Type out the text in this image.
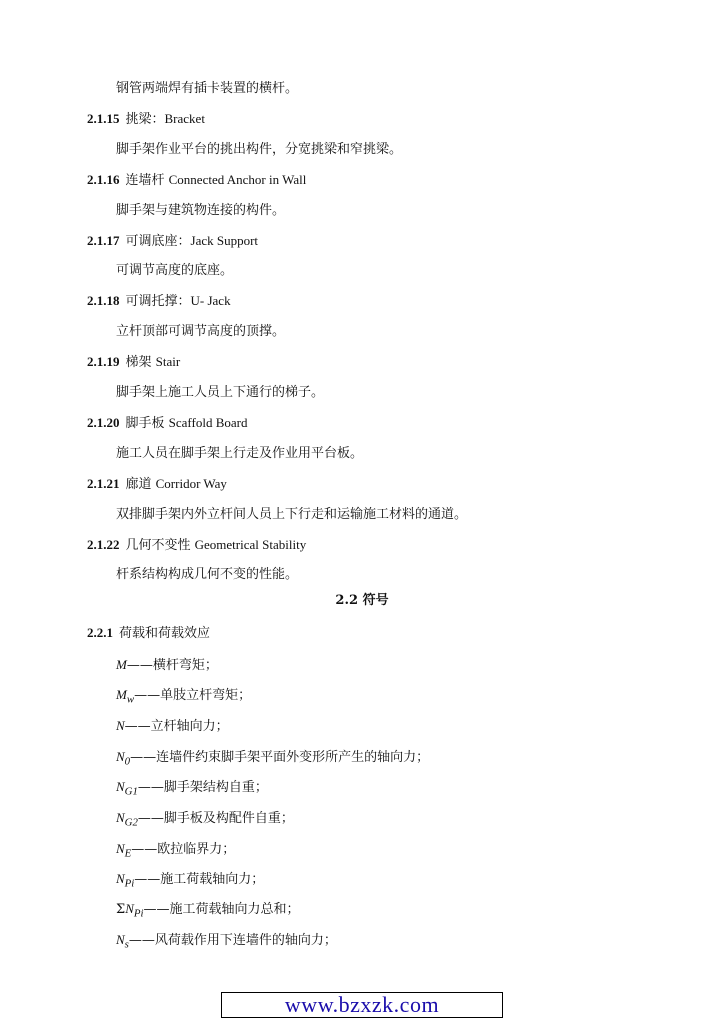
钢管两端焊有插卡装置的横杆。
2.1.15 挑梁：Bracket
脚手架作业平台的挑出构件，分宽挑梁和窄挑梁。
2.1.16 连墙杆 Connected Anchor in Wall
脚手架与建筑物连接的构件。
2.1.17 可调底座：Jack Support
可调节高度的底座。
2.1.18 可调托撑：U- Jack
立杆顶部可调节高度的顶撑。
2.1.19 梯架 Stair
脚手架上施工人员上下通行的梯子。
2.1.20 脚手板 Scaffold Board
施工人员在脚手架上行走及作业用平台板。
2.1.21 廊道 Corridor Way
双排脚手架内外立杆间人员上下行走和运输施工材料的通道。
2.1.22 几何不变性 Geometrical Stability
杆系结构构成几何不变的性能。
2.2 符号
2.2.1 荷载和荷载效应
M——横杆弯矩；
$M_w——$单肢立杆弯矩；
N——立杆轴向力；
$N_0——$连墙件约束脚手架平面外变形所产生的轴向力；
$N_{G1}——$脚手架结构自重；
$N_{G2}——$脚手板及构配件自重；
$N_E——$欧拉临界力；
$N_{Pi}——$施工荷载轴向力；
$\Sigma N_{Pi}——$施工荷载轴向力总和；
$N_s——$风荷载作用下连墙件的轴向力；
www.bzxzk.com
